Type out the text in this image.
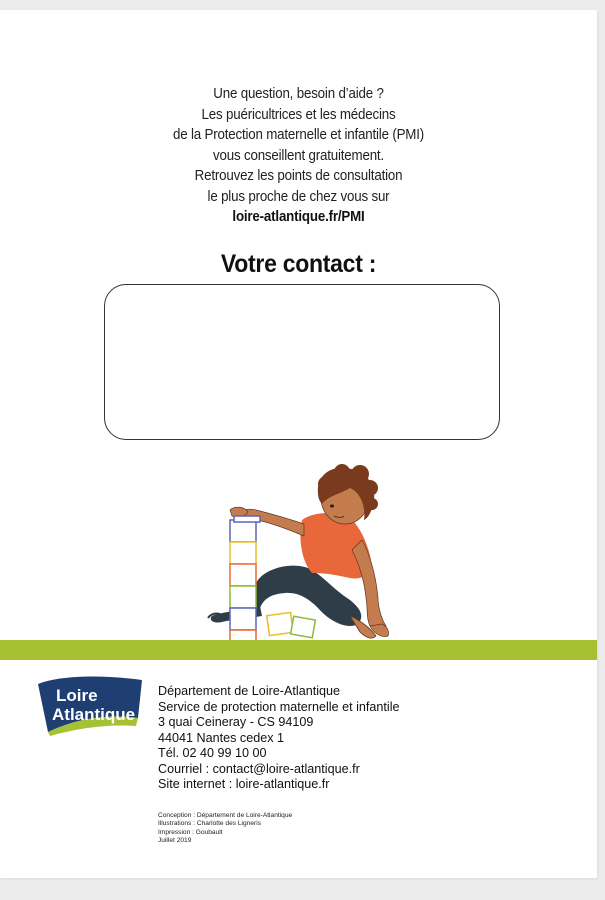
Une question, besoin d’aide ?
Les puéricultrices et les médecins
de la Protection maternelle et infantile (PMI)
vous conseillent gratuitement.
Retrouvez les points de consultation
le plus proche de chez vous sur
loire-atlantique.fr/PMI
Votre contact :
Loire
Atlantique
Département de Loire-Atlantique
Service de protection maternelle et infantile
3 quai Ceineray - CS 94109
44041 Nantes cedex 1
Tél. 02 40 99 10 00
Courriel : contact@loire-atlantique.fr
Site internet : loire-atlantique.fr
Conception : Département de Loire-Atlantique
Illustrations : Charlotte des Ligneris
Impression : Goubault
Juillet 2019
